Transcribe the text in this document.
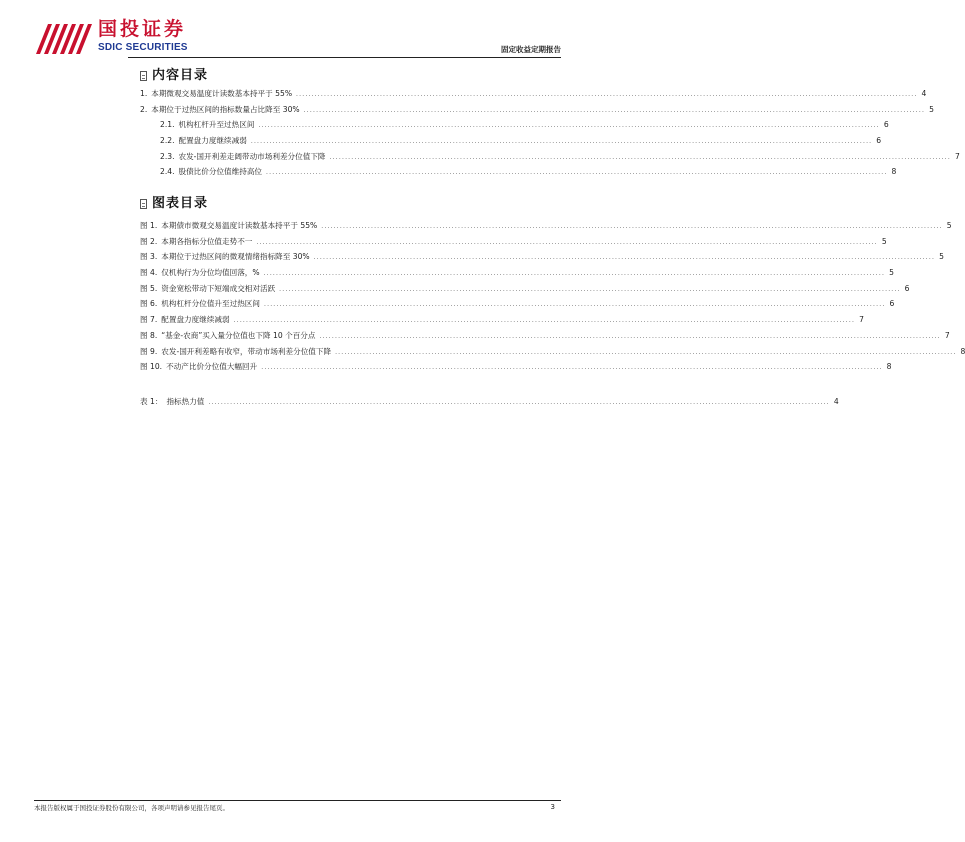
国投证券
SDIC SECURITIES	固定收益定期报告
内容目录
1. 本期微观交易温度计读数基本持平于 55% ........................................................................................................................................................................................................ 4
2. 本期位于过热区间的指标数量占比降至 30% ........................................................................................................................................................................................................ 5
2.1. 机构杠杆升至过热区间 ........................................................................................................................................................................................................ 6
2.2. 配置盘力度继续减弱 ........................................................................................................................................................................................................ 6
2.3. 农发-国开利差走阔带动市场利差分位值下降 ........................................................................................................................................................................................................ 7
2.4. 股债比价分位值维持高位 ........................................................................................................................................................................................................ 8
图表目录
图 1. 本期债市微观交易温度计读数基本持平于 55% ........................................................................................................................................................................................................ 5
图 2. 本期各指标分位值走势不一 ........................................................................................................................................................................................................ 5
图 3. 本期位于过热区间的微观情绪指标降至 30% ........................................................................................................................................................................................................ 5
图 4. 仅机构行为分位均值回落，% ........................................................................................................................................................................................................ 5
图 5. 资金宽松带动下短端成交相对活跃 ........................................................................................................................................................................................................ 6
图 6. 机构杠杆分位值升至过热区间 ........................................................................................................................................................................................................ 6
图 7. 配置盘力度继续减弱 ........................................................................................................................................................................................................ 7
图 8. “基金-农商”买入量分位值也下降 10 个百分点 ........................................................................................................................................................................................................ 7
图 9. 农发-国开利差略有收窄，带动市场利差分位值下降 ........................................................................................................................................................................................................ 8
图 10. 不动产比价分位值大幅回升 ........................................................................................................................................................................................................ 8
表 1： 指标热力值 ........................................................................................................................................................................................................ 4
本报告版权属于国投证券股份有限公司，各项声明请参见报告尾页。	3
